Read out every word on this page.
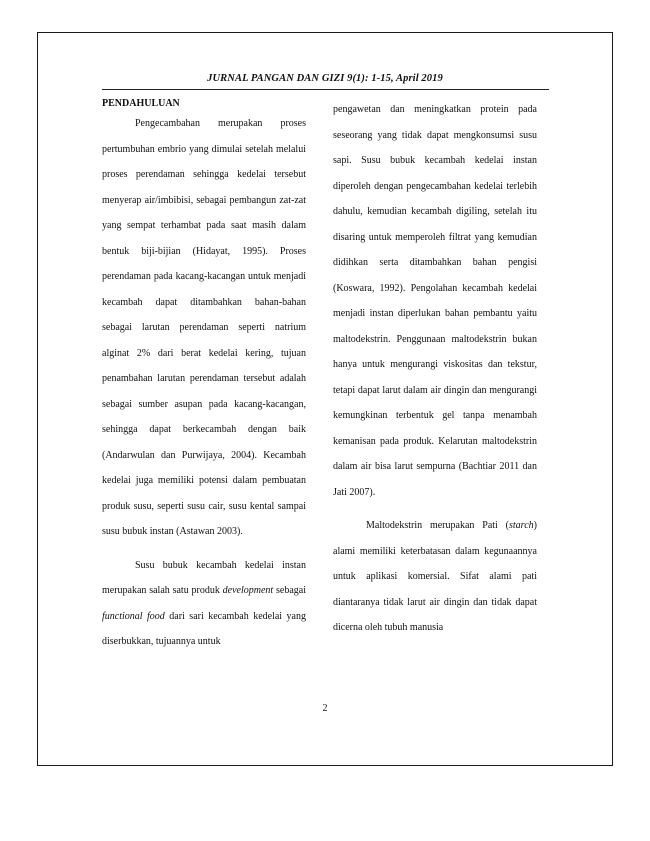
JURNAL PANGAN DAN GIZI 9(1): 1-15, April 2019

PENDAHULUAN

Pengecambahan merupakan proses pertumbuhan embrio yang dimulai setelah melalui proses perendaman sehingga kedelai tersebut menyerap air/imbibisi, sebagai pembangun zat-zat yang sempat terhambat pada saat masih dalam bentuk biji-bijian (Hidayat, 1995). Proses perendaman pada kacang-kacangan untuk menjadi kecambah dapat ditambahkan bahan-bahan sebagai larutan perendaman seperti natrium alginat 2% dari berat kedelai kering, tujuan penambahan larutan perendaman tersebut adalah sebagai sumber asupan pada kacang-kacangan, sehingga dapat berkecambah dengan baik (Andarwulan dan Purwijaya, 2004). Kecambah kedelai juga memiliki potensi dalam pembuatan produk susu, seperti susu cair, susu kental sampai susu bubuk instan (Astawan 2003).

Susu bubuk kecambah kedelai instan merupakan salah satu produk development sebagai functional food dari sari kecambah kedelai yang diserbukkan, tujuannya untuk

pengawetan dan meningkatkan protein pada seseorang yang tidak dapat mengkonsumsi susu sapi. Susu bubuk kecambah kedelai instan diperoleh dengan pengecambahan kedelai terlebih dahulu, kemudian kecambah digiling, setelah itu disaring untuk memperoleh filtrat yang kemudian didihkan serta ditambahkan bahan pengisi (Koswara, 1992). Pengolahan kecambah kedelai menjadi instan diperlukan bahan pembantu yaitu maltodekstrin. Penggunaan maltodekstrin bukan hanya untuk mengurangi viskositas dan tekstur, tetapi dapat larut dalam air dingin dan mengurangi kemungkinan terbentuk gel tanpa menambah kemanisan pada produk. Kelarutan maltodekstrin dalam air bisa larut sempurna (Bachtiar 2011 dan Jati 2007).

Maltodekstrin merupakan Pati (starch) alami memiliki keterbatasan dalam kegunaannya untuk aplikasi komersial. Sifat alami pati diantaranya tidak larut air dingin dan tidak dapat dicerna oleh tubuh manusia

2
